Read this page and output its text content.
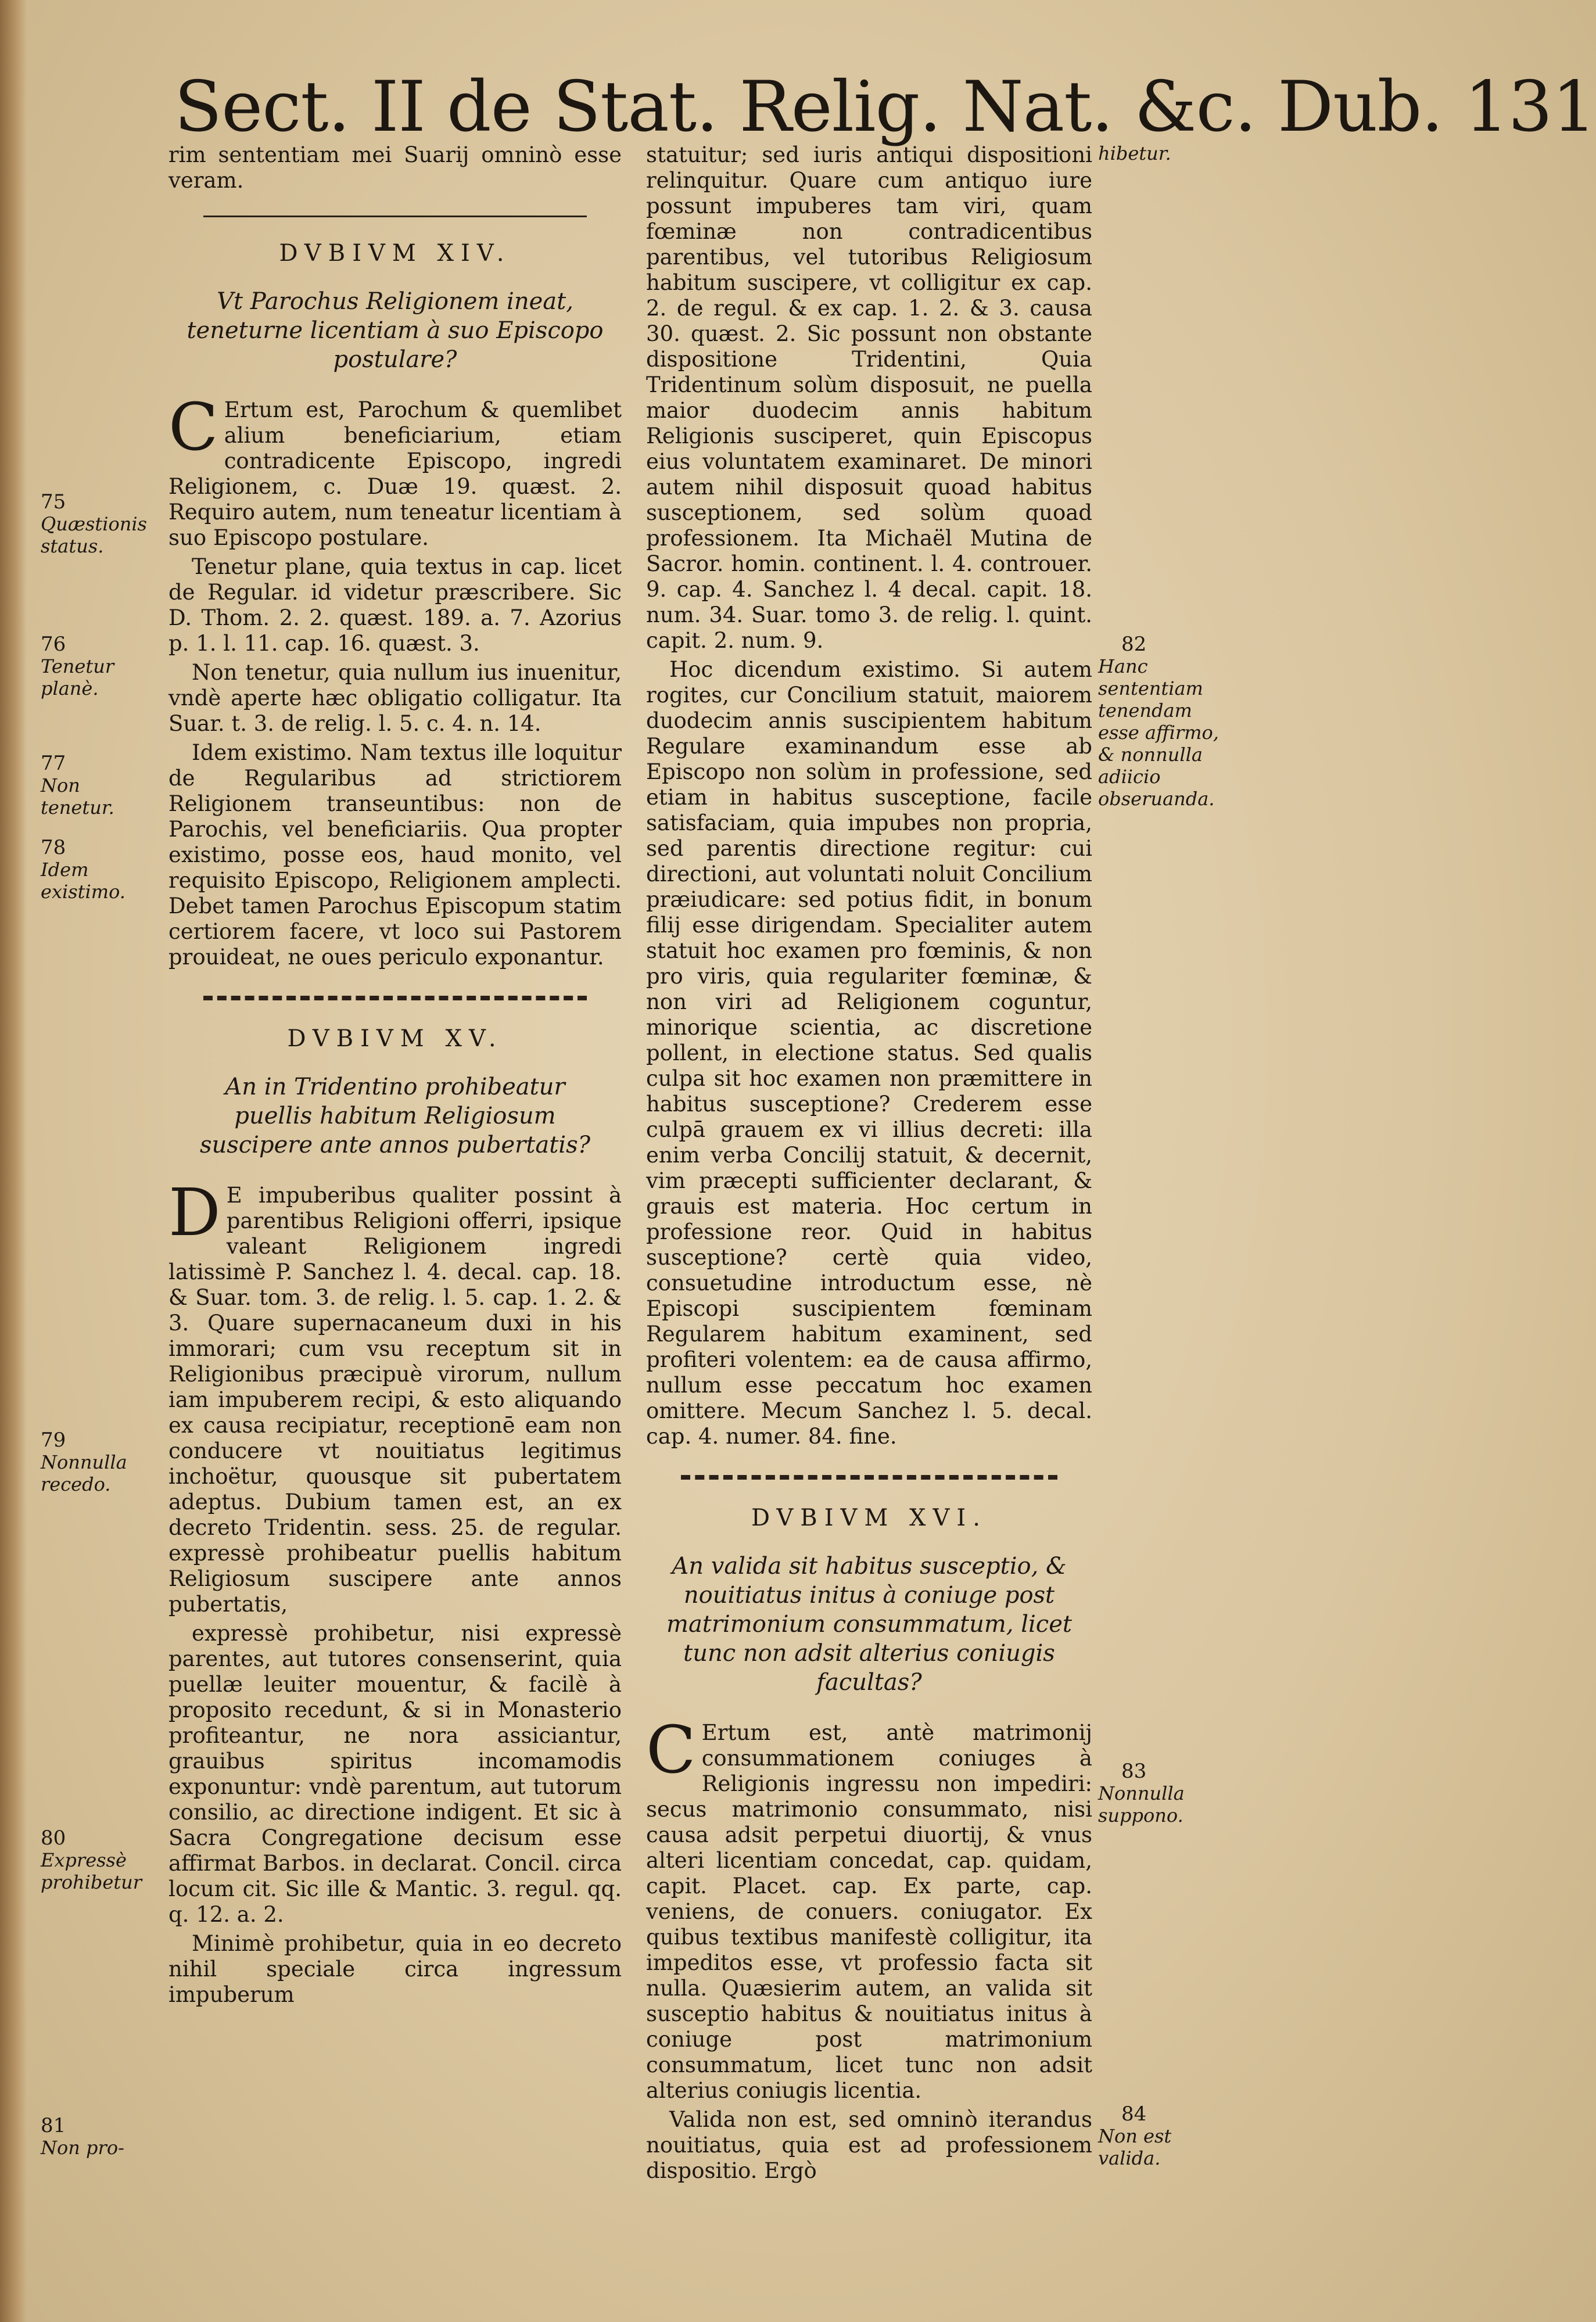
Sect. II de Stat. Relig. Nat. &c. Dub. 131

rim sententiam mei Suarij omninò esse veram.

DVBIVM XIV.
Vt Parochus Religionem ineat, teneturne licentiam à suo Episcopo postulare?

C Ertum est, Parochum & quemlibet alium beneficiarium, etiam contradicente Episcopo, ingredi Religionem, c. Duæ 19. quæst. 2. Requiro autem, num teneatur licentiam à suo Episcopo postulare.

Tenetur plane, quia textus in cap. licet de Regular. id videtur præscribere. Sic D. Thom. 2. 2. quæst. 189. a. 7. Azorius p. 1. l. 11. cap. 16. quæst. 3.

Non tenetur, quia nullum ius inuenitur, vndè aperte hæc obligatio colligatur. Ita Suar. t. 3. de relig. l. 5. c. 4. n. 14.

Idem existimo. Nam textus ille loquitur de Regularibus ad strictiorem Religionem transeuntibus: non de Parochis, vel beneficiariis. Qua propter existimo, posse eos, haud monito, vel requisito Episcopo, Religionem amplecti. Debet tamen Parochus Episcopum statim certiorem facere, vt loco sui Pastorem prouideat, ne oues periculo exponantur.

DVBIVM XV.
An in Tridentino prohibeatur puellis habitum Religiosum suscipere ante annos pubertatis?

D E impuberibus qualiter possint à parentibus Religioni offerri, ipsique valeant Religionem ingredi latissimè P. Sanchez l. 4. decal. cap. 18. & Suar. tom. 3. de relig. l. 5. cap. 1. 2. & 3. Quare supernacaneum duxi in his immorari; cum vsu receptum sit in Religionibus præcipuè virorum, nullum iam impuberem recipi, & esto aliquando ex causa recipiatur, receptionē eam non conducere vt nouitiatus legitimus inchoëtur, quousque sit pubertatem adeptus. Dubium tamen est, an ex decreto Tridentin. sess. 25. de regular. expressè prohibeatur puellis habitum Religiosum suscipere ante annos pubertatis,

expressè prohibetur, nisi expressè parentes, aut tutores consenserint, quia puellæ leuiter mouentur, & facilè à proposito recedunt, & si in Monasterio profiteantur, ne nora assiciantur, grauibus spiritus incomamodis exponuntur: vndè parentum, aut tutorum consilio, ac directione indigent. Et sic à Sacra Congregatione decisum esse affirmat Barbos. in declarat. Concil. circa locum cit. Sic ille & Mantic. 3. regul. qq. q. 12. a. 2.

Minimè prohibetur, quia in eo decreto nihil speciale circa ingressum impuberum

statuitur; sed iuris antiqui dispositioni relinquitur. Quare cum antiquo iure possunt impuberes tam viri, quam fœminæ non contradicentibus parentibus, vel tutoribus Religiosum habitum suscipere, vt colligitur ex cap. 2. de regul. & ex cap. 1. 2. & 3. causa 30. quæst. 2. Sic possunt non obstante dispositione Tridentini, Quia Tridentinum solùm disposuit, ne puella maior duodecim annis habitum Religionis susciperet, quin Episcopus eius voluntatem examinaret. De minori autem nihil disposuit quoad habitus susceptionem, sed solùm quoad professionem. Ita Michaël Mutina de Sacror. homin. continent. l. 4. controuer. 9. cap. 4. Sanchez l. 4 decal. capit. 18. num. 34. Suar. tomo 3. de relig. l. quint. capit. 2. num. 9.

Hoc dicendum existimo. Si autem rogites, cur Concilium statuit, maiorem duodecim annis suscipientem habitum Regulare examinandum esse ab Episcopo non solùm in professione, sed etiam in habitus susceptione, facile satisfaciam, quia impubes non propria, sed parentis directione regitur: cui directioni, aut voluntati noluit Concilium præiudicare: sed potius fidit, in bonum filij esse dirigendam. Specialiter autem statuit hoc examen pro fœminis, & non pro viris, quia regulariter fœminæ, & non viri ad Religionem coguntur, minorique scientia, ac discretione pollent, in electione status. Sed qualis culpa sit hoc examen non præmittere in habitus susceptione? Crederem esse culpā grauem ex vi illius decreti: illa enim verba Concilij statuit, & decernit, vim præcepti sufficienter declarant, & grauis est materia. Hoc certum in professione reor. Quid in habitus susceptione? certè quia video, consuetudine introductum esse, nè Episcopi suscipientem fœminam Regularem habitum examinent, sed profiteri volentem: ea de causa affirmo, nullum esse peccatum hoc examen omittere. Mecum Sanchez l. 5. decal. cap. 4. numer. 84. fine.

DVBIVM XVI.
An valida sit habitus susceptio, & nouitiatus initus à coniuge post matrimonium consummatum, licet tunc non adsit alterius coniugis facultas?

C Ertum est, antè matrimonij consummationem coniuges à Religionis ingressu non impediri: secus matrimonio consummato, nisi causa adsit perpetui diuortij, & vnus alteri licentiam concedat, cap. quidam, capit. Placet. cap. Ex parte, cap. veniens, de conuers. coniugator. Ex quibus textibus manifestè colligitur, ita impeditos esse, vt professio facta sit nulla. Quæsierim autem, an valida sit susceptio habitus & nouitiatus initus à coniuge post matrimonium consummatum, licet tunc non adsit alterius coniugis licentia.

Valida non est, sed omninò iterandus nouitiatus, quia est ad professionem dispositio. Ergò

75
Quæstionis status.
76
Tenetur planè.
77
Non tenetur.
78
Idem existimo.
79
Nonnulla recedo.
80
Expressè prohibetur
81
Non pro-
hibetur.
82
Hanc sententiam tenendam esse affirmo, & nonnulla adiicio obseruanda.
83
Nonnulla suppono.
84
Non est valida.
